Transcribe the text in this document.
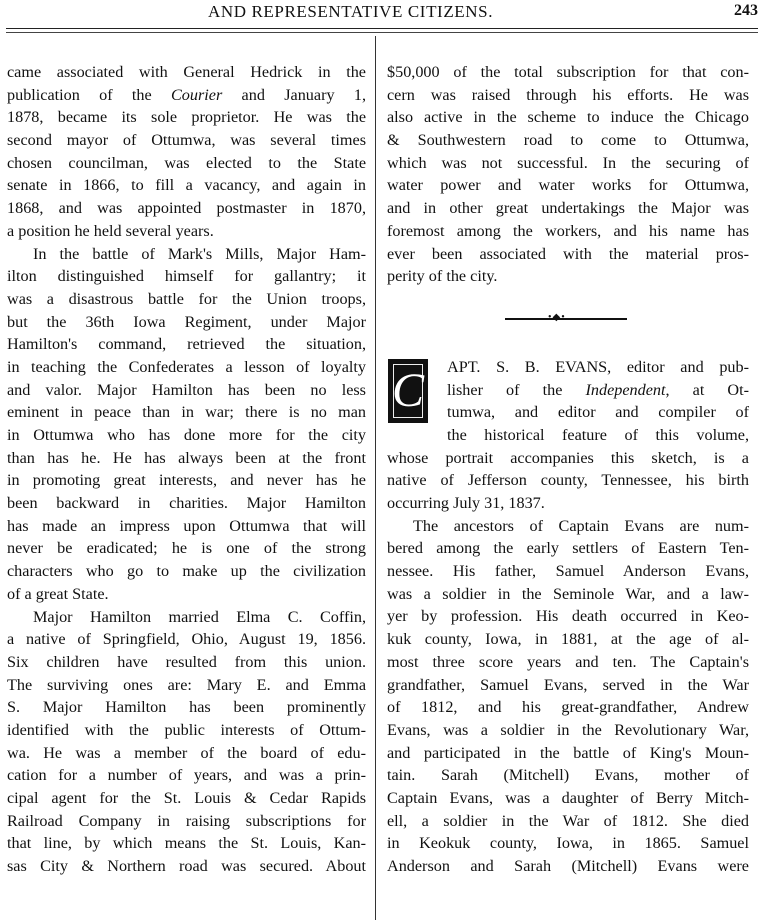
AND REPRESENTATIVE CITIZENS.	243
came associated with General Hedrick in the
publication of the Courier and January 1,
1878, became its sole proprietor. He was the
second mayor of Ottumwa, was several times
chosen councilman, was elected to the State
senate in 1866, to fill a vacancy, and again in
1868, and was appointed postmaster in 1870,
a position he held several years.
In the battle of Mark's Mills, Major Ham-
ilton distinguished himself for gallantry; it
was a disastrous battle for the Union troops,
but the 36th Iowa Regiment, under Major
Hamilton's command, retrieved the situation,
in teaching the Confederates a lesson of loyalty
and valor. Major Hamilton has been no less
eminent in peace than in war; there is no man
in Ottumwa who has done more for the city
than has he. He has always been at the front
in promoting great interests, and never has he
been backward in charities. Major Hamilton
has made an impress upon Ottumwa that will
never be eradicated; he is one of the strong
characters who go to make up the civilization
of a great State.
Major Hamilton married Elma C. Coffin,
a native of Springfield, Ohio, August 19, 1856.
Six children have resulted from this union.
The surviving ones are: Mary E. and Emma
S. Major Hamilton has been prominently
identified with the public interests of Ottum-
wa. He was a member of the board of edu-
cation for a number of years, and was a prin-
cipal agent for the St. Louis & Cedar Rapids
Railroad Company in raising subscriptions for
that line, by which means the St. Louis, Kan-
sas City & Northern road was secured. About
$50,000 of the total subscription for that con-
cern was raised through his efforts. He was
also active in the scheme to induce the Chicago
& Southwestern road to come to Ottumwa,
which was not successful. In the securing of
water power and water works for Ottumwa,
and in other great undertakings the Major was
foremost among the workers, and his name has
ever been associated with the material pros-
perity of the city.
•◆•
C	APT. S. B. EVANS, editor and pub-
lisher of the Independent, at Ot-
tumwa, and editor and compiler of
the historical feature of this volume,
whose portrait accompanies this sketch, is a
native of Jefferson county, Tennessee, his birth
occurring July 31, 1837.
The ancestors of Captain Evans are num-
bered among the early settlers of Eastern Ten-
nessee. His father, Samuel Anderson Evans,
was a soldier in the Seminole War, and a law-
yer by profession. His death occurred in Keo-
kuk county, Iowa, in 1881, at the age of al-
most three score years and ten. The Captain's
grandfather, Samuel Evans, served in the War
of 1812, and his great-grandfather, Andrew
Evans, was a soldier in the Revolutionary War,
and participated in the battle of King's Moun-
tain. Sarah (Mitchell) Evans, mother of
Captain Evans, was a daughter of Berry Mitch-
ell, a soldier in the War of 1812. She died
in Keokuk county, Iowa, in 1865. Samuel
Anderson and Sarah (Mitchell) Evans were
